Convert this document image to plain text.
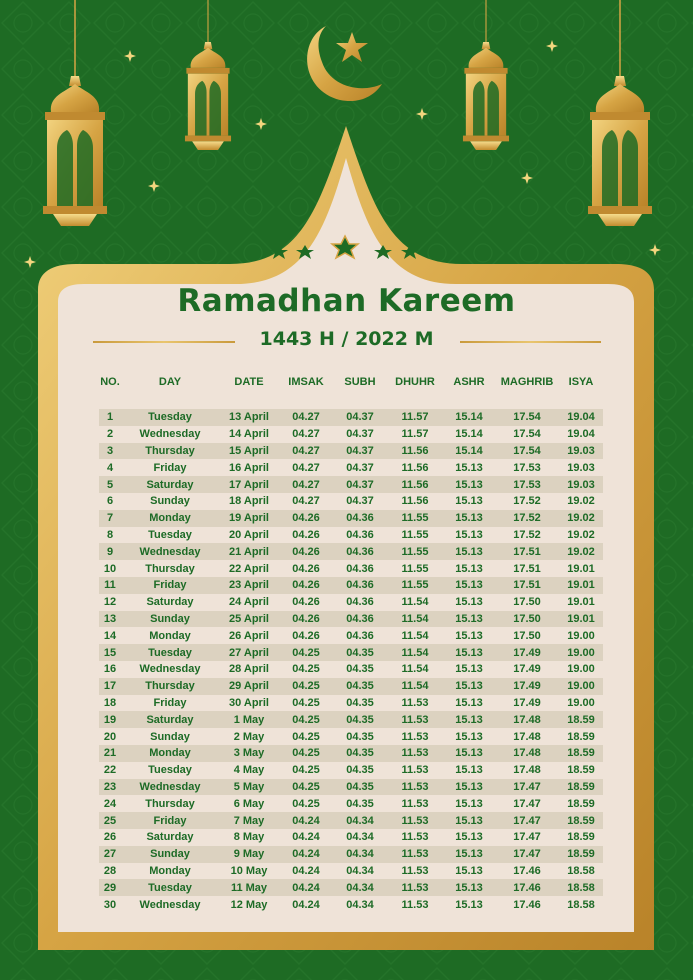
Ramadhan Kareem
1443 H / 2022 M
NO.	DAY	DATE	IMSAK	SUBH	DHUHR	ASHR	MAGHRIB	ISYA
1	Tuesday	13 April	04.27	04.37	11.57	15.14	17.54	19.04
2	Wednesday	14 April	04.27	04.37	11.57	15.14	17.54	19.04
3	Thursday	15 April	04.27	04.37	11.56	15.14	17.54	19.03
4	Friday	16 April	04.27	04.37	11.56	15.13	17.53	19.03
5	Saturday	17 April	04.27	04.37	11.56	15.13	17.53	19.03
6	Sunday	18 April	04.27	04.37	11.56	15.13	17.52	19.02
7	Monday	19 April	04.26	04.36	11.55	15.13	17.52	19.02
8	Tuesday	20 April	04.26	04.36	11.55	15.13	17.52	19.02
9	Wednesday	21 April	04.26	04.36	11.55	15.13	17.51	19.02
10	Thursday	22 April	04.26	04.36	11.55	15.13	17.51	19.01
11	Friday	23 April	04.26	04.36	11.55	15.13	17.51	19.01
12	Saturday	24 April	04.26	04.36	11.54	15.13	17.50	19.01
13	Sunday	25 April	04.26	04.36	11.54	15.13	17.50	19.01
14	Monday	26 April	04.26	04.36	11.54	15.13	17.50	19.00
15	Tuesday	27 April	04.25	04.35	11.54	15.13	17.49	19.00
16	Wednesday	28 April	04.25	04.35	11.54	15.13	17.49	19.00
17	Thursday	29 April	04.25	04.35	11.54	15.13	17.49	19.00
18	Friday	30 April	04.25	04.35	11.53	15.13	17.49	19.00
19	Saturday	1 May	04.25	04.35	11.53	15.13	17.48	18.59
20	Sunday	2 May	04.25	04.35	11.53	15.13	17.48	18.59
21	Monday	3 May	04.25	04.35	11.53	15.13	17.48	18.59
22	Tuesday	4 May	04.25	04.35	11.53	15.13	17.48	18.59
23	Wednesday	5 May	04.25	04.35	11.53	15.13	17.47	18.59
24	Thursday	6 May	04.25	04.35	11.53	15.13	17.47	18.59
25	Friday	7 May	04.24	04.34	11.53	15.13	17.47	18.59
26	Saturday	8 May	04.24	04.34	11.53	15.13	17.47	18.59
27	Sunday	9 May	04.24	04.34	11.53	15.13	17.47	18.59
28	Monday	10 May	04.24	04.34	11.53	15.13	17.46	18.58
29	Tuesday	11 May	04.24	04.34	11.53	15.13	17.46	18.58
30	Wednesday	12 May	04.24	04.34	11.53	15.13	17.46	18.58
